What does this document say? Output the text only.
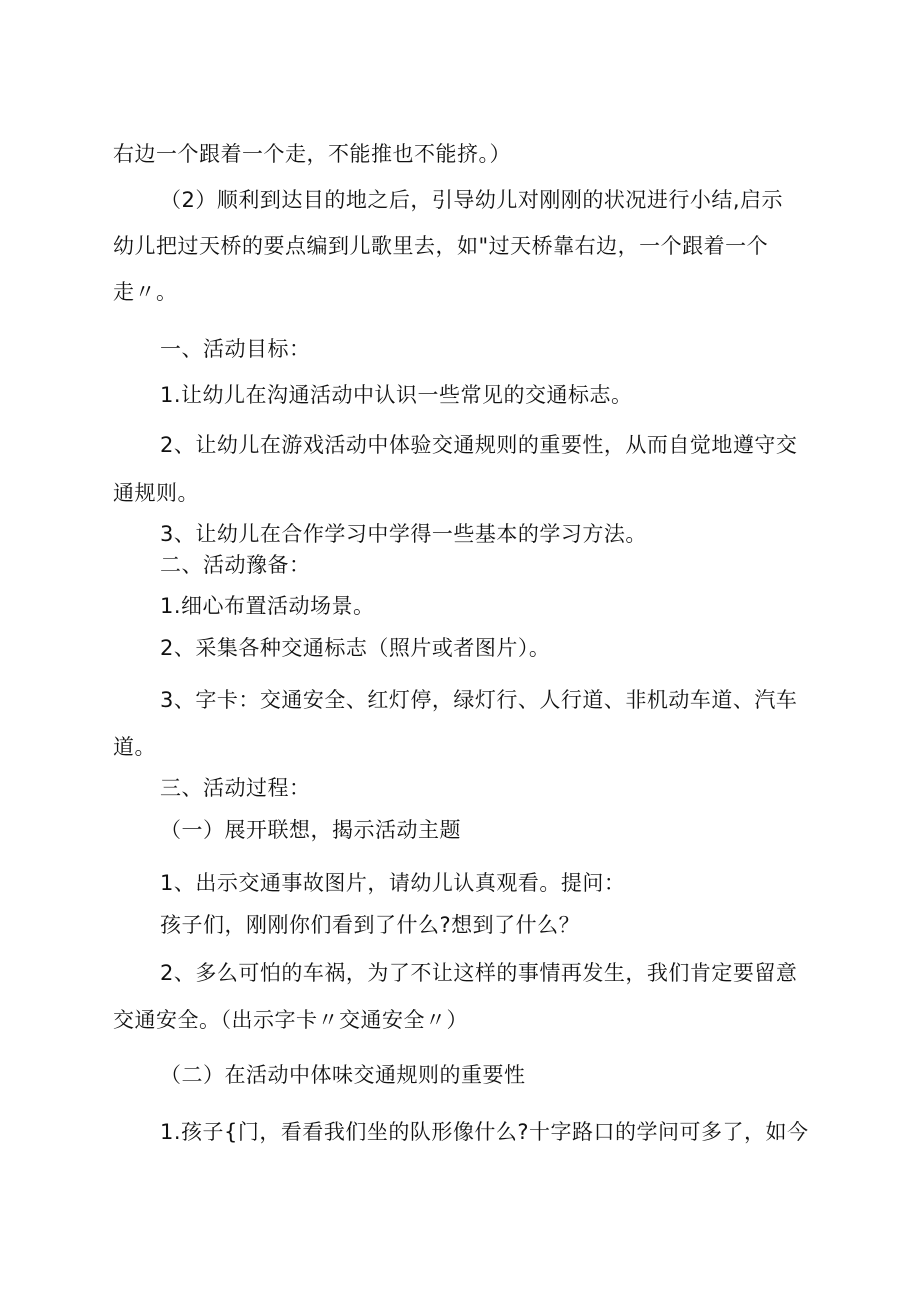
右边一个跟着一个走，不能推也不能挤。）
（2）顺利到达目的地之后，引导幼儿对刚刚的状况进行小结,启示
幼儿把过天桥的要点编到儿歌里去，如"过天桥靠右边，一个跟着一个
走〃。
一、活动目标：
1.让幼儿在沟通活动中认识一些常见的交通标志。
2、让幼儿在游戏活动中体验交通规则的重要性，从而自觉地遵守交
通规则。
3、让幼儿在合作学习中学得一些基本的学习方法。
二、活动豫备：
1.细心布置活动场景。
2、采集各种交通标志（照片或者图片）。
3、字卡：交通安全、红灯停，绿灯行、人行道、非机动车道、汽车
道。
三、活动过程：
（一）展开联想，揭示活动主题
1、出示交通事故图片，请幼儿认真观看。提问：
孩子们，刚刚你们看到了什么?想到了什么？
2、多么可怕的车祸，为了不让这样的事情再发生，我们肯定要留意
交通安全。（出示字卡〃交通安全〃）
（二）在活动中体味交通规则的重要性
1.孩子{门，看看我们坐的队形像什么?十字路口的学问可多了，如今
